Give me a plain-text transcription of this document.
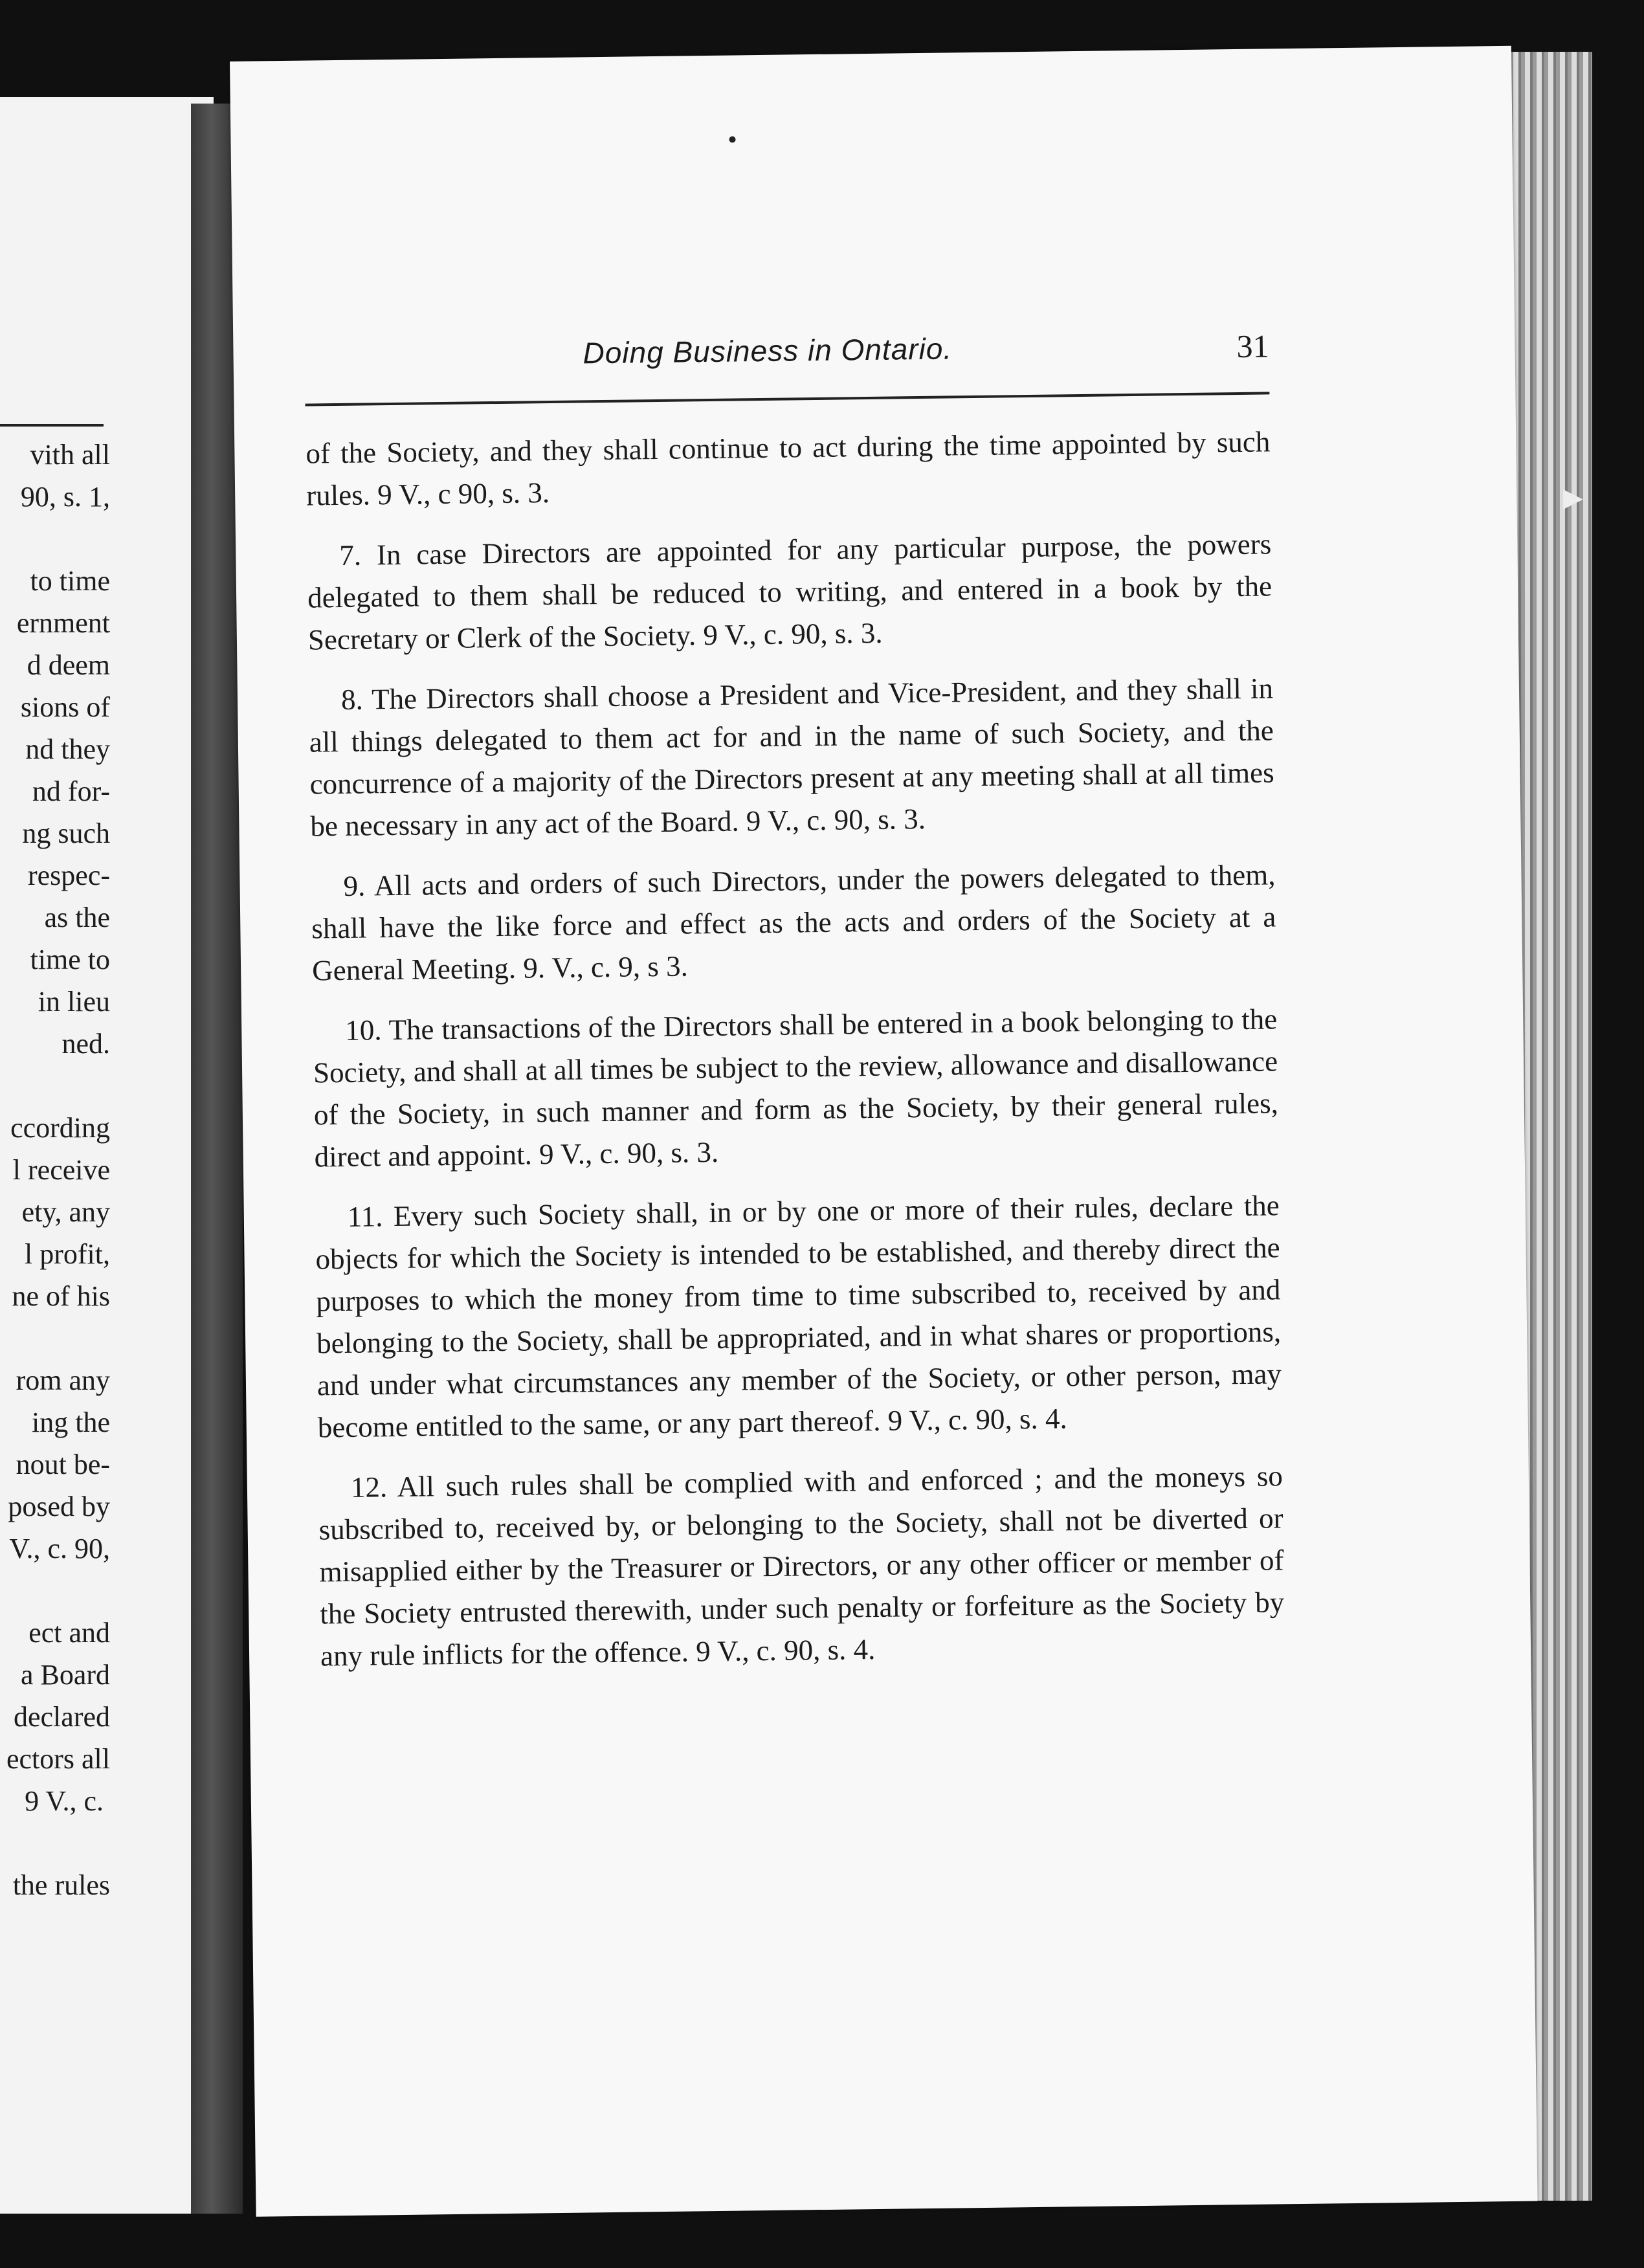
vith all
90, s. 1,
to time
ernment
d deem
sions of
nd they
nd for-
ng such
respec-
as the
time to
in lieu
ned.
ccording
l receive
ety, any
l profit,
ne of his
rom any
ing the
nout be-
posed by
V., c. 90,
ect and
a Board
declared
ectors all
9 V., c.
the rules
▶
Doing Business in Ontario.	31

of the Society, and they shall continue to act during the time appointed by such rules. 9 V., c 90, s. 3.

7. In case Directors are appointed for any particular purpose, the powers delegated to them shall be reduced to writing, and entered in a book by the Secretary or Clerk of the Society. 9 V., c. 90, s. 3.

8. The Directors shall choose a President and Vice-President, and they shall in all things delegated to them act for and in the name of such Society, and the concurrence of a majority of the Directors present at any meeting shall at all times be necessary in any act of the Board. 9 V., c. 90, s. 3.

9. All acts and orders of such Directors, under the powers delegated to them, shall have the like force and effect as the acts and orders of the Society at a General Meeting. 9. V., c. 9, s 3.

10. The transactions of the Directors shall be entered in a book belonging to the Society, and shall at all times be subject to the review, allowance and disallowance of the Society, in such manner and form as the Society, by their general rules, direct and appoint. 9 V., c. 90, s. 3.

11. Every such Society shall, in or by one or more of their rules, declare the objects for which the Society is intended to be established, and thereby direct the purposes to which the money from time to time subscribed to, received by and belonging to the Society, shall be appropriated, and in what shares or proportions, and under what circumstances any member of the Society, or other person, may become entitled to the same, or any part thereof. 9 V., c. 90, s. 4.

12. All such rules shall be complied with and enforced ; and the moneys so subscribed to, received by, or belonging to the Society, shall not be diverted or misapplied either by the Treasurer or Directors, or any other officer or member of the Society entrusted therewith, under such penalty or forfeiture as the Society by any rule inflicts for the offence. 9 V., c. 90, s. 4.
